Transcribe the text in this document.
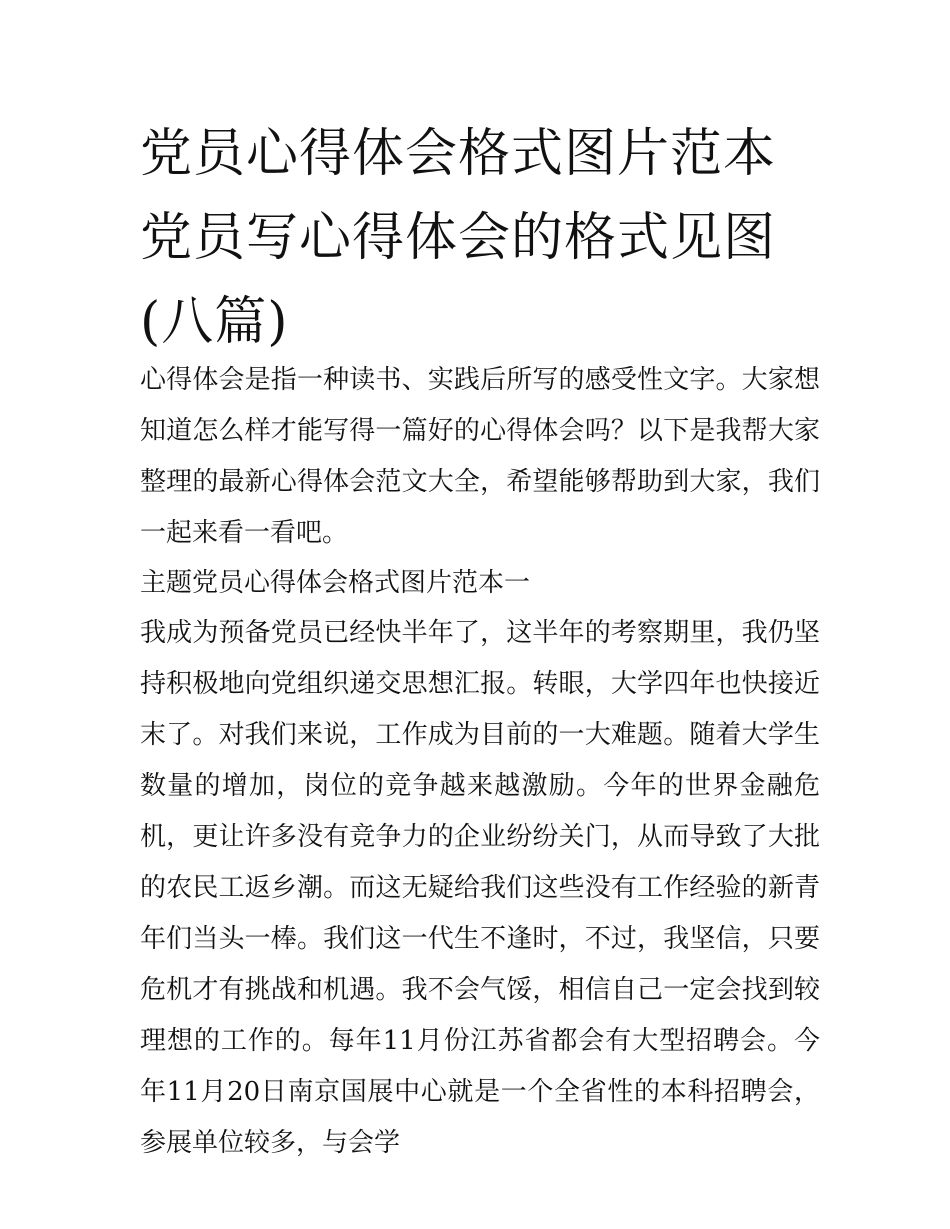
党员心得体会格式图片范本 党员写心得体会的格式见图(八篇)

心得体会是指一种读书、实践后所写的感受性文字。大家想知道怎么样才能写得一篇好的心得体会吗？以下是我帮大家整理的最新心得体会范文大全，希望能够帮助到大家，我们一起来看一看吧。

主题党员心得体会格式图片范本一

我成为预备党员已经快半年了，这半年的考察期里，我仍坚持积极地向党组织递交思想汇报。转眼，大学四年也快接近末了。对我们来说，工作成为目前的一大难题。随着大学生数量的增加，岗位的竞争越来越激励。今年的世界金融危机，更让许多没有竞争力的企业纷纷关门，从而导致了大批的农民工返乡潮。而这无疑给我们这些没有工作经验的新青年们当头一棒。我们这一代生不逢时，不过，我坚信，只要危机才有挑战和机遇。我不会气馁，相信自己一定会找到较理想的工作的。每年11月份江苏省都会有大型招聘会。今年11月20日南京国展中心就是一个全省性的本科招聘会，参展单位较多，与会学
